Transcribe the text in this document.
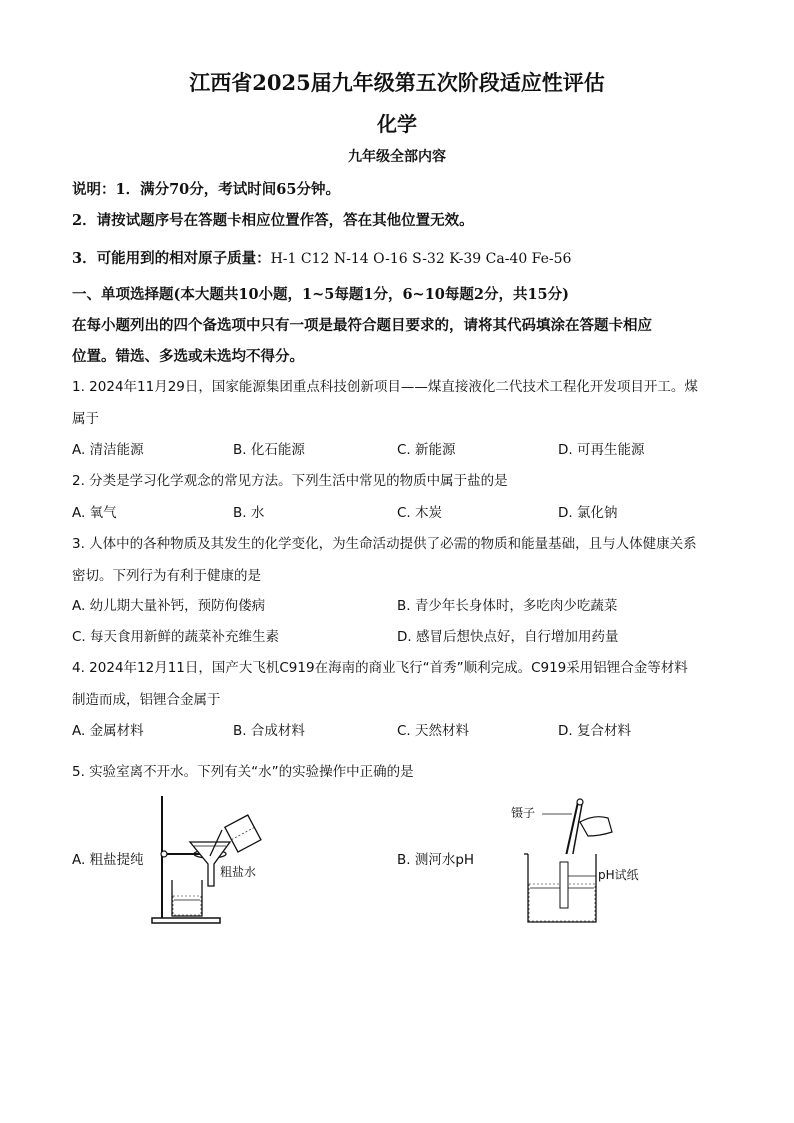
江西省2025届九年级第五次阶段适应性评估
化学
九年级全部内容
说明：1．满分70分，考试时间65分钟。
2．请按试题序号在答题卡相应位置作答，答在其他位置无效。
3．可能用到的相对原子质量：H-1 C12 N-14 O-16 S-32 K-39 Ca-40 Fe-56
一、单项选择题(本大题共10小题，1~5每题1分，6~10每题2分，共15分)
在每小题列出的四个备选项中只有一项是最符合题目要求的，请将其代码填涂在答题卡相应
位置。错选、多选或未选均不得分。
1. 2024年11月29日，国家能源集团重点科技创新项目——煤直接液化二代技术工程化开发项目开工。煤
属于
A. 清洁能源	B. 化石能源	C. 新能源	D. 可再生能源
2. 分类是学习化学观念的常见方法。下列生活中常见的物质中属于盐的是
A. 氧气	B. 水	C. 木炭	D. 氯化钠
3. 人体中的各种物质及其发生的化学变化，为生命活动提供了必需的物质和能量基础，且与人体健康关系
密切。下列行为有利于健康的是
A. 幼儿期大量补钙，预防佝偻病	B. 青少年长身体时，多吃肉少吃蔬菜
C. 每天食用新鲜的蔬菜补充维生素	D. 感冒后想快点好，自行增加用药量
4. 2024年12月11日，国产大飞机C919在海南的商业飞行“首秀”顺利完成。C919采用铝锂合金等材料
制造而成，铝锂合金属于
A. 金属材料	B. 合成材料	C. 天然材料	D. 复合材料
5. 实验室离不开水。下列有关“水”的实验操作中正确的是
A. 粗盐提纯	B. 测河水pH
粗盐水
镊子
pH试纸
